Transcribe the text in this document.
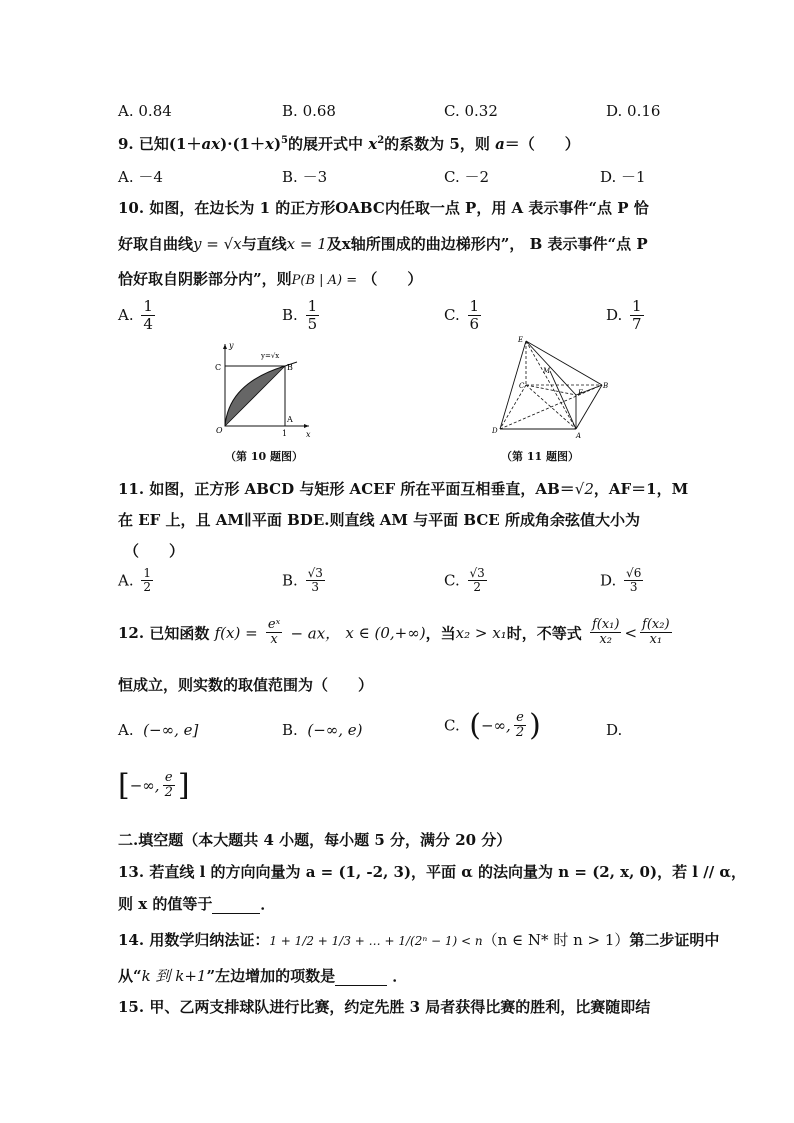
A. 0.84	B. 0.68	C. 0.32	D. 0.16
9. 已知$(1+ax)\cdot(1+x)^5$的展开式中 $x^2$的系数为 5，则 a＝（　　）
A. －4	B. －3	C. －2	D. －1
10. 如图，在边长为 1 的正方形OABC内任取一点 P，用 A 表示事件“点 P 恰
好取自曲线y = √x与直线x = 1及x轴所围成的曲边梯形内”， B 表示事件“点 P
恰好取自阴影部分内”，则P(B | A) = （　　）
A. $\frac{1}{4}$	B. $\frac{1}{5}$	C. $\frac{1}{6}$	D. $\frac{1}{7}$
y
x
C	B
A
O	1
y=√x
（第 10 题图）
E
M
C	B
F
D
A
（第 11 题图）
11. 如图，正方形 ABCD 与矩形 ACEF 所在平面互相垂直，AB＝√2，AF＝1，M
在 EF 上，且 AM∥平面 BDE.则直线 AM 与平面 BCE 所成角余弦值大小为
（　　）
A. $\frac{1}{2}$	B. $\frac{√3}{3}$	C. $\frac{√3}{2}$	D. $\frac{√6}{3}$
12. 已知函数 $f(x) = \frac{\text{eˣ}}{x}$ − ax， x ∈ (0,+∞)，当x₂ > x₁时，不等式 $\frac{\text{f(x₁)}}{\text{x₂}} < \frac{\text{f(x₂)}}{\text{x₁}}$
恒成立，则实数的取值范围为（　　）
A. (−∞, e]	B. (−∞, e)	C. (−∞, $\frac{e}{2}$ )	D.
[−∞, $\frac{e}{2}$ ]
二.填空题（本大题共 4 小题，每小题 5 分，满分 20 分）
13. 若直线 l 的方向向量为 a = (1, -2, 3)，平面 α 的法向量为 n = (2, x, 0)，若 l // α，
则 x 的值等于	．
14. 用数学归纳法证：1 + 1/2 + 1/3 + … + 1/(2ⁿ − 1) < n（n ∈ N* 时 n > 1）第二步证明中
从“k 到 k+1”左边增加的项数是	．
15. 甲、乙两支排球队进行比赛，约定先胜 3 局者获得比赛的胜利，比赛随即结
